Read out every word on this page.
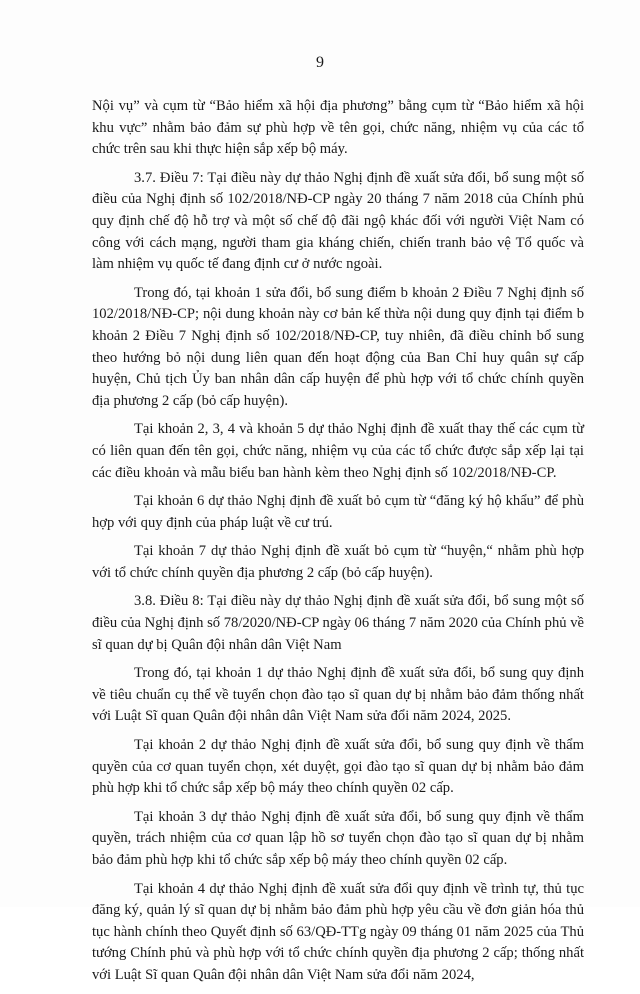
9

Nội vụ” và cụm từ “Bảo hiểm xã hội địa phương” bằng cụm từ “Bảo hiểm xã hội khu vực” nhằm bảo đảm sự phù hợp về tên gọi, chức năng, nhiệm vụ của các tổ chức trên sau khi thực hiện sắp xếp bộ máy.

3.7. Điều 7: Tại điều này dự thảo Nghị định đề xuất sửa đổi, bổ sung một số điều của Nghị định số 102/2018/NĐ-CP ngày 20 tháng 7 năm 2018 của Chính phủ quy định chế độ hỗ trợ và một số chế độ đãi ngộ khác đối với người Việt Nam có công với cách mạng, người tham gia kháng chiến, chiến tranh bảo vệ Tổ quốc và làm nhiệm vụ quốc tế đang định cư ở nước ngoài.

Trong đó, tại khoản 1 sửa đổi, bổ sung điểm b khoản 2 Điều 7 Nghị định số 102/2018/NĐ-CP; nội dung khoản này cơ bản kế thừa nội dung quy định tại điểm b khoản 2 Điều 7 Nghị định số 102/2018/NĐ-CP, tuy nhiên, đã điều chỉnh bổ sung theo hướng bỏ nội dung liên quan đến hoạt động của Ban Chỉ huy quân sự cấp huyện, Chủ tịch Ủy ban nhân dân cấp huyện để phù hợp với tổ chức chính quyền địa phương 2 cấp (bỏ cấp huyện).

Tại khoản 2, 3, 4 và khoản 5 dự thảo Nghị định đề xuất thay thế các cụm từ có liên quan đến tên gọi, chức năng, nhiệm vụ của các tổ chức được sắp xếp lại tại các điều khoản và mẫu biểu ban hành kèm theo Nghị định số 102/2018/NĐ-CP.

Tại khoản 6 dự thảo Nghị định đề xuất bỏ cụm từ “đăng ký hộ khẩu” để phù hợp với quy định của pháp luật về cư trú.

Tại khoản 7 dự thảo Nghị định đề xuất bỏ cụm từ “huyện,“ nhằm phù hợp với tổ chức chính quyền địa phương 2 cấp (bỏ cấp huyện).

3.8. Điều 8: Tại điều này dự thảo Nghị định đề xuất sửa đổi, bổ sung một số điều của Nghị định số 78/2020/NĐ-CP ngày 06 tháng 7 năm 2020 của Chính phủ về sĩ quan dự bị Quân đội nhân dân Việt Nam

Trong đó, tại khoản 1 dự thảo Nghị định đề xuất sửa đổi, bổ sung quy định về tiêu chuẩn cụ thể về tuyển chọn đào tạo sĩ quan dự bị nhằm bảo đảm thống nhất với Luật Sĩ quan Quân đội nhân dân Việt Nam sửa đổi năm 2024, 2025.

Tại khoản 2 dự thảo Nghị định đề xuất sửa đổi, bổ sung quy định về thẩm quyền của cơ quan tuyển chọn, xét duyệt, gọi đào tạo sĩ quan dự bị nhằm bảo đảm phù hợp khi tổ chức sắp xếp bộ máy theo chính quyền 02 cấp.

Tại khoản 3 dự thảo Nghị định đề xuất sửa đổi, bổ sung quy định về thẩm quyền, trách nhiệm của cơ quan lập hồ sơ tuyển chọn đào tạo sĩ quan dự bị nhằm bảo đảm phù hợp khi tổ chức sắp xếp bộ máy theo chính quyền 02 cấp.

Tại khoản 4 dự thảo Nghị định đề xuất sửa đổi quy định về trình tự, thủ tục đăng ký, quản lý sĩ quan dự bị nhằm bảo đảm phù hợp yêu cầu về đơn giản hóa thủ tục hành chính theo Quyết định số 63/QĐ-TTg ngày 09 tháng 01 năm 2025 của Thủ tướng Chính phủ và phù hợp với tổ chức chính quyền địa phương 2 cấp; thống nhất với Luật Sĩ quan Quân đội nhân dân Việt Nam sửa đổi năm 2024,
